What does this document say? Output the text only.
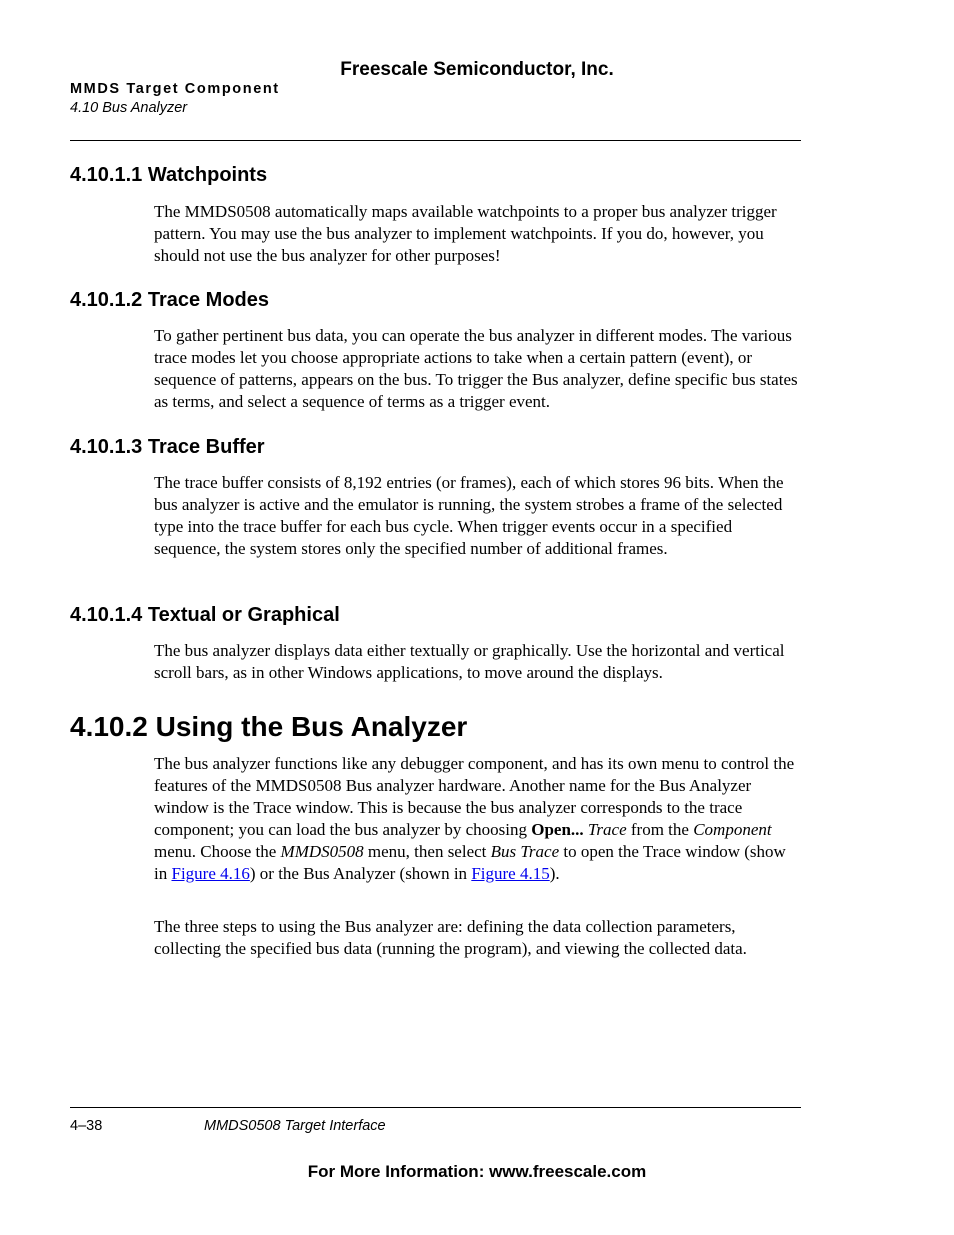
Freescale Semiconductor, Inc.
MMDS Target Component
4.10 Bus Analyzer
4.10.1.1 Watchpoints

The MMDS0508 automatically maps available watchpoints to a proper bus analyzer trigger pattern. You may use the bus analyzer to implement watchpoints. If you do, however, you should not use the bus analyzer for other purposes!

4.10.1.2 Trace Modes

To gather pertinent bus data, you can operate the bus analyzer in different modes. The various trace modes let you choose appropriate actions to take when a certain pattern (event), or sequence of patterns, appears on the bus. To trigger the Bus analyzer, define specific bus states as terms, and select a sequence of terms as a trigger event.

4.10.1.3 Trace Buffer

The trace buffer consists of 8,192 entries (or frames), each of which stores 96 bits. When the bus analyzer is active and the emulator is running, the system strobes a frame of the selected type into the trace buffer for each bus cycle. When trigger events occur in a specified sequence, the system stores only the specified number of additional frames.

4.10.1.4 Textual or Graphical

The bus analyzer displays data either textually or graphically. Use the horizontal and vertical scroll bars, as in other Windows applications, to move around the displays.

4.10.2 Using the Bus Analyzer

The bus analyzer functions like any debugger component, and has its own menu to control the features of the MMDS0508 Bus analyzer hardware. Another name for the Bus Analyzer window is the Trace window. This is because the bus analyzer corresponds to the trace component; you can load the bus analyzer by choosing Open... Trace from the Component menu. Choose the MMDS0508 menu, then select Bus Trace to open the Trace window (show in Figure 4.16) or the Bus Analyzer (shown in Figure 4.15).

The three steps to using the Bus analyzer are: defining the data collection parameters, collecting the specified bus data (running the program), and viewing the collected data.

4–38	MMDS0508 Target Interface
For More Information: www.freescale.com
